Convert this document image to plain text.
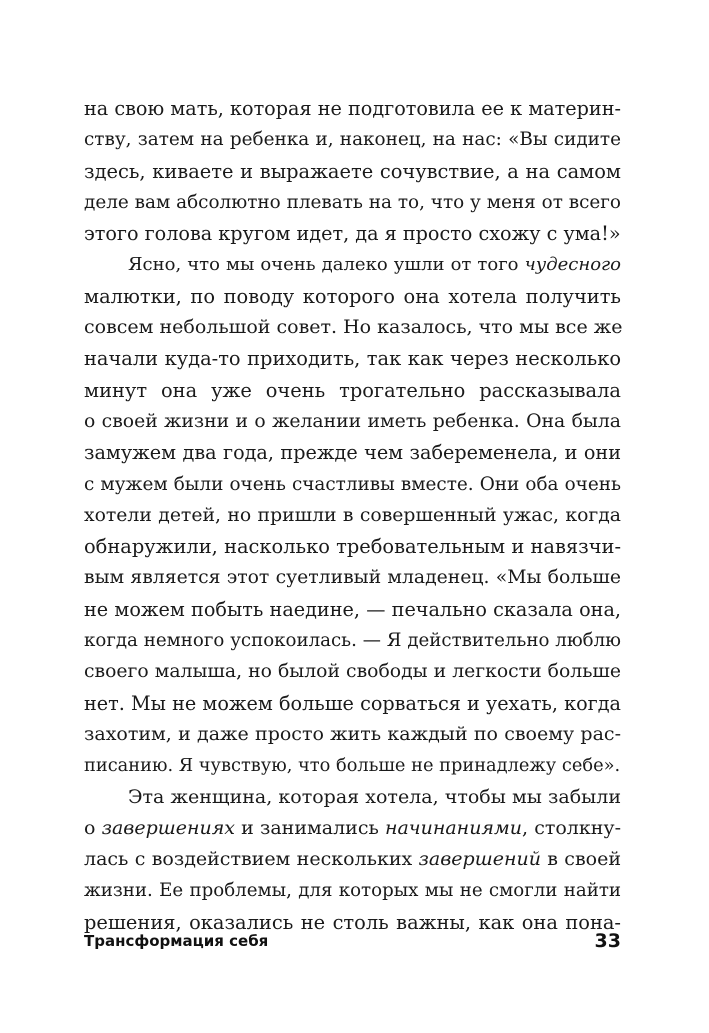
на свою мать, которая не подготовила ее к материн-
ству, затем на ребенка и, наконец, на нас: «Вы сидите
здесь, киваете и выражаете сочувствие, а на самом
деле вам абсолютно плевать на то, что у меня от всего
этого голова кругом идет, да я просто схожу с ума!»
Ясно, что мы очень далеко ушли от того чудесного
малютки, по поводу которого она хотела получить
совсем небольшой совет. Но казалось, что мы все же
начали куда-то приходить, так как через несколько
минут она уже очень трогательно рассказывала
о своей жизни и о желании иметь ребенка. Она была
замужем два года, прежде чем забеременела, и они
с мужем были очень счастливы вместе. Они оба очень
хотели детей, но пришли в совершенный ужас, когда
обнаружили, насколько требовательным и навязчи-
вым является этот суетливый младенец. «Мы больше
не можем побыть наедине, — печально сказала она,
когда немного успокоилась. — Я действительно люблю
своего малыша, но былой свободы и легкости больше
нет. Мы не можем больше сорваться и уехать, когда
захотим, и даже просто жить каждый по своему рас-
писанию. Я чувствую, что больше не принадлежу себе».
Эта женщина, которая хотела, чтобы мы забыли
о завершениях и занимались начинаниями, столкну-
лась с воздействием нескольких завершений в своей
жизни. Ее проблемы, для которых мы не смогли найти
решения, оказались не столь важны, как она пона-
Трансформация себя	33
